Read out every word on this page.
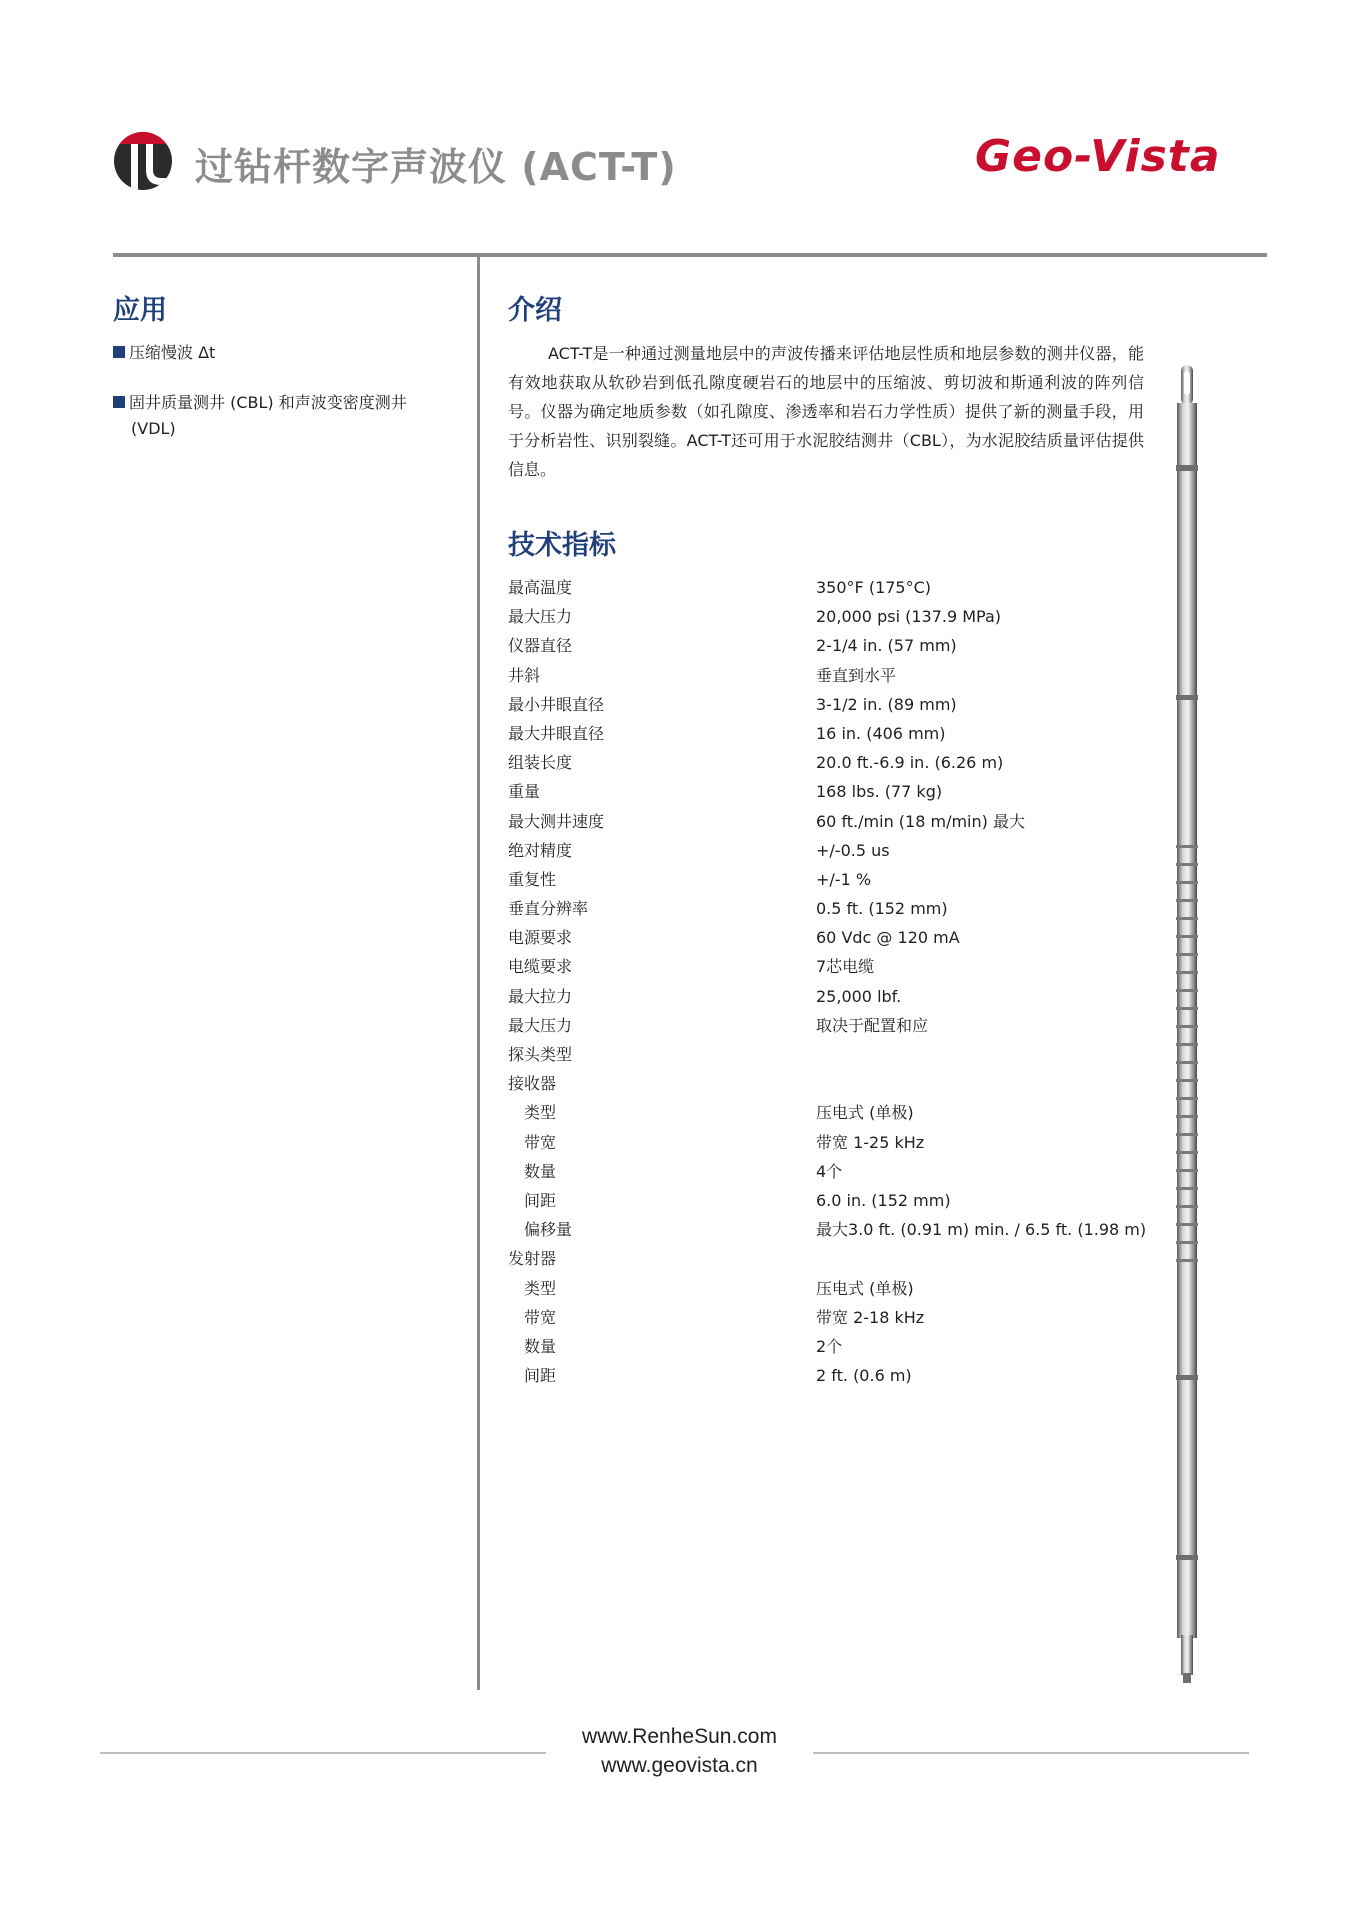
过钻杆数字声波仪 (ACT-T)	Geo-Vista
应用
压缩慢波 Δt
固井质量测井 (CBL) 和声波变密度测井
(VDL)
介绍
ACT-T是一种通过测量地层中的声波传播来评估地层性质和地层参数的测井仪器，能有效地获取从软砂岩到低孔隙度硬岩石的地层中的压缩波、剪切波和斯通利波的阵列信号。仪器为确定地质参数（如孔隙度、渗透率和岩石力学性质）提供了新的测量手段，用于分析岩性、识别裂缝。ACT-T还可用于水泥胶结测井（CBL），为水泥胶结质量评估提供信息。
技术指标
最高温度	350°F (175°C)
最大压力	20,000 psi (137.9 MPa)
仪器直径	2-1/4 in. (57 mm)
井斜	垂直到水平
最小井眼直径	3-1/2 in. (89 mm)
最大井眼直径	16 in. (406 mm)
组装长度	20.0 ft.-6.9 in. (6.26 m)
重量	168 lbs. (77 kg)
最大测井速度	60 ft./min (18 m/min) 最大
绝对精度	+/-0.5 us
重复性	+/-1 %
垂直分辨率	0.5 ft. (152 mm)
电源要求	60 Vdc @ 120 mA
电缆要求	7芯电缆
最大拉力	25,000 lbf.
最大压力	取决于配置和应
探头类型
接收器
类型	压电式 (单极)
带宽	带宽 1-25 kHz
数量	4个
间距	6.0 in. (152 mm)
偏移量	最大3.0 ft. (0.91 m) min. / 6.5 ft. (1.98 m)
发射器
类型	压电式 (单极)
带宽	带宽 2-18 kHz
数量	2个
间距	2 ft. (0.6 m)
www.RenheSun.com
www.geovista.cn
